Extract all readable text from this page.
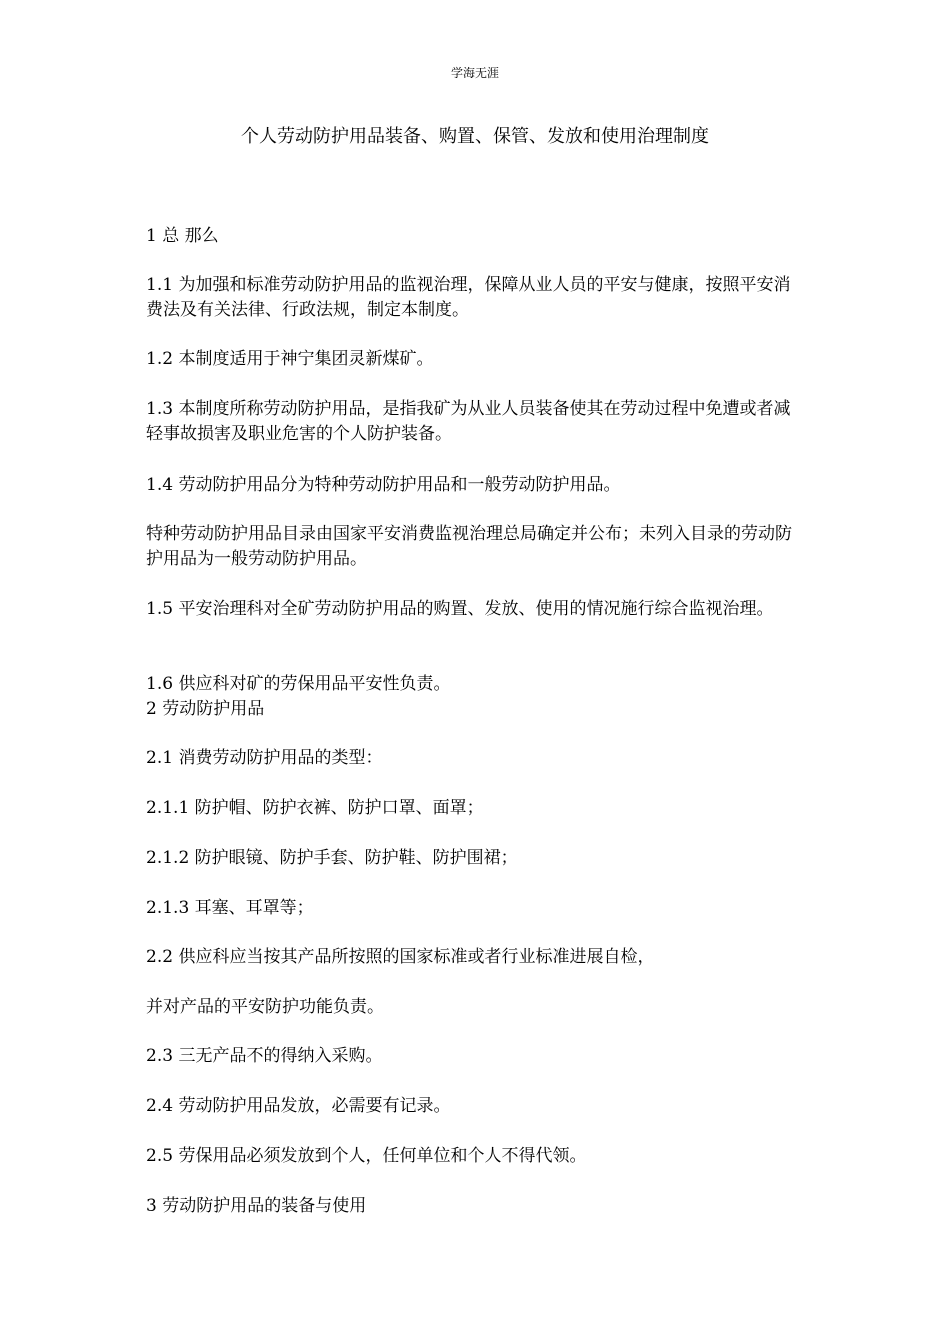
学海无涯
个人劳动防护用品装备、购置、保管、发放和使用治理制度
1 总 那么
1.1 为加强和标准劳动防护用品的监视治理，保障从业人员的平安与健康，按照平安消费法及有关法律、行政法规，制定本制度。
1.2 本制度适用于神宁集团灵新煤矿。
1.3 本制度所称劳动防护用品，是指我矿为从业人员装备使其在劳动过程中免遭或者减轻事故损害及职业危害的个人防护装备。
1.4 劳动防护用品分为特种劳动防护用品和一般劳动防护用品。
特种劳动防护用品目录由国家平安消费监视治理总局确定并公布；未列入目录的劳动防护用品为一般劳动防护用品。
1.5 平安治理科对全矿劳动防护用品的购置、发放、使用的情况施行综合监视治理。
1.6 供应科对矿的劳保用品平安性负责。
2 劳动防护用品
2.1 消费劳动防护用品的类型：
2.1.1 防护帽、防护衣裤、防护口罩、面罩；
2.1.2 防护眼镜、防护手套、防护鞋、防护围裙；
2.1.3 耳塞、耳罩等；
2.2 供应科应当按其产品所按照的国家标准或者行业标准进展自检，
并对产品的平安防护功能负责。
2.3 三无产品不的得纳入采购。
2.4 劳动防护用品发放，必需要有记录。
2.5 劳保用品必须发放到个人，任何单位和个人不得代领。
3 劳动防护用品的装备与使用
